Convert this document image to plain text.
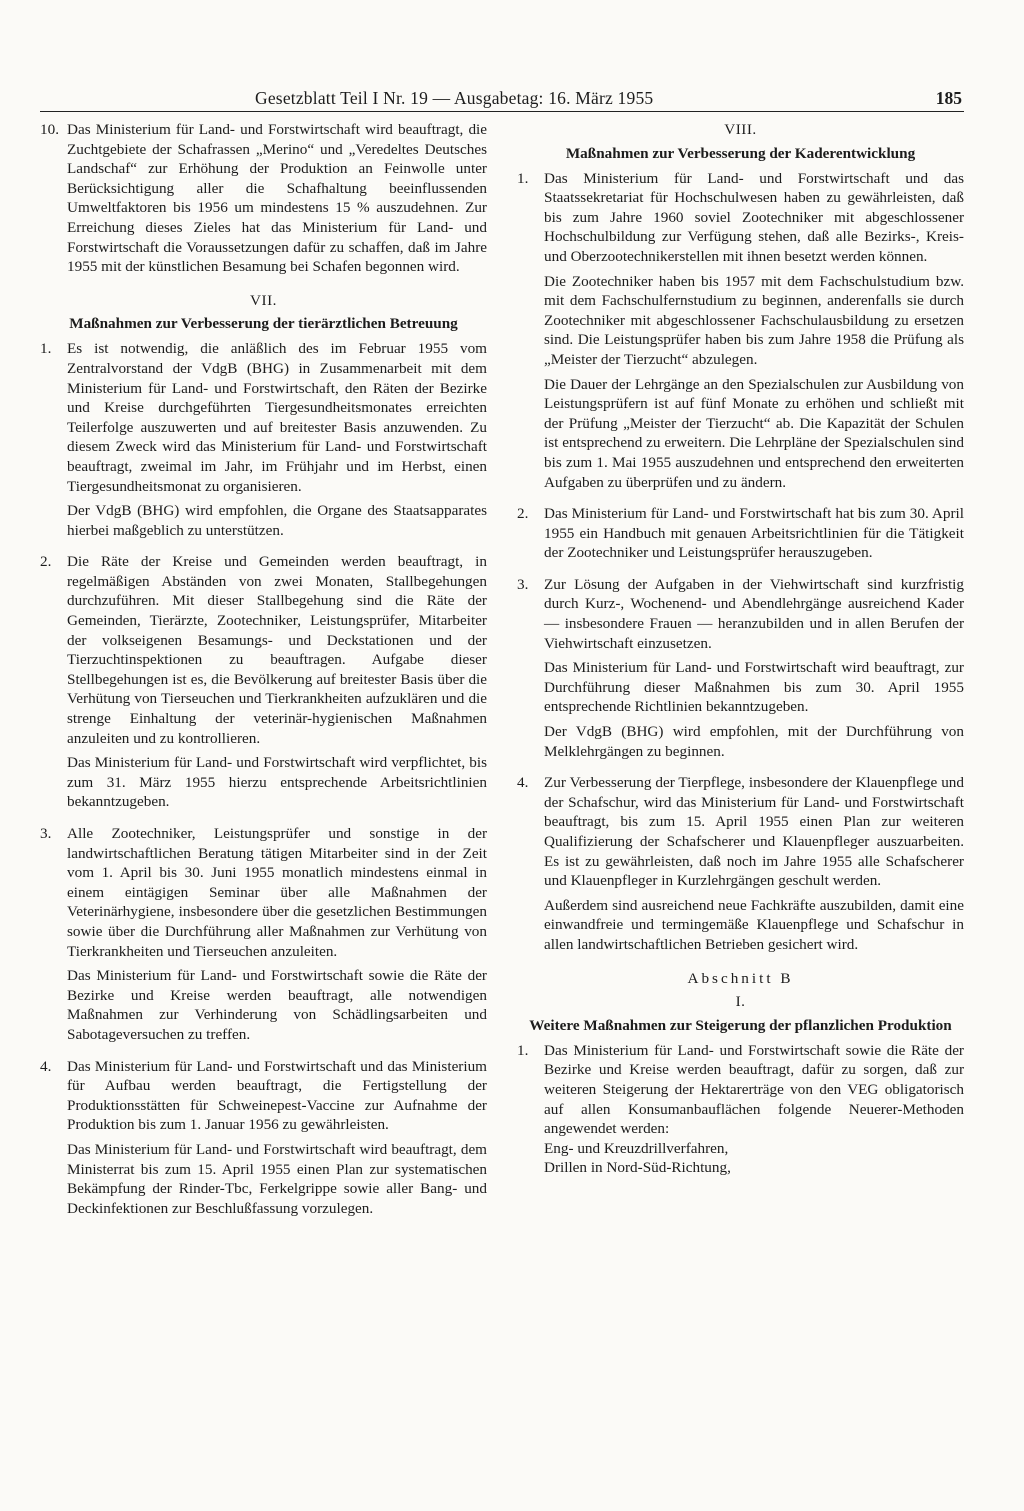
Gesetzblatt Teil I Nr. 19 — Ausgabetag: 16. März 1955	185
10. Das Ministerium für Land- und Forstwirtschaft wird beauftragt, die Zuchtgebiete der Schafrassen „Merino“ und „Veredeltes Deutsches Landschaf“ zur Erhöhung der Produktion an Feinwolle unter Berücksichtigung aller die Schafhaltung beeinflussenden Umweltfaktoren bis 1956 um mindestens 15 % auszudehnen. Zur Erreichung dieses Zieles hat das Ministerium für Land- und Forstwirtschaft die Voraussetzungen dafür zu schaffen, daß im Jahre 1955 mit der künstlichen Besamung bei Schafen begonnen wird.

VII.
Maßnahmen zur Verbesserung der tierärztlichen Betreuung
1. Es ist notwendig, die anläßlich des im Februar 1955 vom Zentralvorstand der VdgB (BHG) in Zusammenarbeit mit dem Ministerium für Land- und Forstwirtschaft, den Räten der Bezirke und Kreise durchgeführten Tiergesundheitsmonates erreichten Teilerfolge auszuwerten und auf breitester Basis anzuwenden. Zu diesem Zweck wird das Ministerium für Land- und Forstwirtschaft beauftragt, zweimal im Jahr, im Frühjahr und im Herbst, einen Tiergesundheitsmonat zu organisieren.

Der VdgB (BHG) wird empfohlen, die Organe des Staatsapparates hierbei maßgeblich zu unterstützen.

2. Die Räte der Kreise und Gemeinden werden beauftragt, in regelmäßigen Abständen von zwei Monaten, Stallbegehungen durchzuführen. Mit dieser Stallbegehung sind die Räte der Gemeinden, Tierärzte, Zootechniker, Leistungsprüfer, Mitarbeiter der volkseigenen Besamungs- und Deckstationen und der Tierzuchtinspektionen zu beauftragen. Aufgabe dieser Stellbegehungen ist es, die Bevölkerung auf breitester Basis über die Verhütung von Tierseuchen und Tierkrankheiten aufzuklären und die strenge Einhaltung der veterinär-hygienischen Maßnahmen anzuleiten und zu kontrollieren.

Das Ministerium für Land- und Forstwirtschaft wird verpflichtet, bis zum 31. März 1955 hierzu entsprechende Arbeitsrichtlinien bekanntzugeben.

3. Alle Zootechniker, Leistungsprüfer und sonstige in der landwirtschaftlichen Beratung tätigen Mitarbeiter sind in der Zeit vom 1. April bis 30. Juni 1955 monatlich mindestens einmal in einem eintägigen Seminar über alle Maßnahmen der Veterinärhygiene, insbesondere über die gesetzlichen Bestimmungen sowie über die Durchführung aller Maßnahmen zur Verhütung von Tierkrankheiten und Tierseuchen anzuleiten.

Das Ministerium für Land- und Forstwirtschaft sowie die Räte der Bezirke und Kreise werden beauftragt, alle notwendigen Maßnahmen zur Verhinderung von Schädlingsarbeiten und Sabotageversuchen zu treffen.

4. Das Ministerium für Land- und Forstwirtschaft und das Ministerium für Aufbau werden beauftragt, die Fertigstellung der Produktionsstätten für Schweinepest-Vaccine zur Aufnahme der Produktion bis zum 1. Januar 1956 zu gewährleisten.

Das Ministerium für Land- und Forstwirtschaft wird beauftragt, dem Ministerrat bis zum 15. April 1955 einen Plan zur systematischen Bekämpfung der Rinder-Tbc, Ferkelgrippe sowie aller Bang- und Deckinfektionen zur Beschlußfassung vorzulegen.

VIII.
Maßnahmen zur Verbesserung der Kaderentwicklung
1. Das Ministerium für Land- und Forstwirtschaft und das Staatssekretariat für Hochschulwesen haben zu gewährleisten, daß bis zum Jahre 1960 soviel Zootechniker mit abgeschlossener Hochschulbildung zur Verfügung stehen, daß alle Bezirks-, Kreis- und Oberzootechnikerstellen mit ihnen besetzt werden können.

Die Zootechniker haben bis 1957 mit dem Fachschulstudium bzw. mit dem Fachschulfernstudium zu beginnen, anderenfalls sie durch Zootechniker mit abgeschlossener Fachschulausbildung zu ersetzen sind. Die Leistungsprüfer haben bis zum Jahre 1958 die Prüfung als „Meister der Tierzucht“ abzulegen.

Die Dauer der Lehrgänge an den Spezialschulen zur Ausbildung von Leistungsprüfern ist auf fünf Monate zu erhöhen und schließt mit der Prüfung „Meister der Tierzucht“ ab. Die Kapazität der Schulen ist entsprechend zu erweitern. Die Lehrpläne der Spezialschulen sind bis zum 1. Mai 1955 auszudehnen und entsprechend den erweiterten Aufgaben zu überprüfen und zu ändern.

2. Das Ministerium für Land- und Forstwirtschaft hat bis zum 30. April 1955 ein Handbuch mit genauen Arbeitsrichtlinien für die Tätigkeit der Zootechniker und Leistungsprüfer herauszugeben.

3. Zur Lösung der Aufgaben in der Viehwirtschaft sind kurzfristig durch Kurz-, Wochenend- und Abendlehrgänge ausreichend Kader — insbesondere Frauen — heranzubilden und in allen Berufen der Viehwirtschaft einzusetzen.

Das Ministerium für Land- und Forstwirtschaft wird beauftragt, zur Durchführung dieser Maßnahmen bis zum 30. April 1955 entsprechende Richtlinien bekanntzugeben.

Der VdgB (BHG) wird empfohlen, mit der Durchführung von Melklehrgängen zu beginnen.

4. Zur Verbesserung der Tierpflege, insbesondere der Klauenpflege und der Schafschur, wird das Ministerium für Land- und Forstwirtschaft beauftragt, bis zum 15. April 1955 einen Plan zur weiteren Qualifizierung der Schafscherer und Klauenpfleger auszuarbeiten. Es ist zu gewährleisten, daß noch im Jahre 1955 alle Schafscherer und Klauenpfleger in Kurzlehrgängen geschult werden.

Außerdem sind ausreichend neue Fachkräfte auszubilden, damit eine einwandfreie und termingemäße Klauenpflege und Schafschur in allen landwirtschaftlichen Betrieben gesichert wird.

Abschnitt B
I.
Weitere Maßnahmen zur Steigerung der pflanzlichen Produktion
1. Das Ministerium für Land- und Forstwirtschaft sowie die Räte der Bezirke und Kreise werden beauftragt, dafür zu sorgen, daß zur weiteren Steigerung der Hektarerträge von den VEG obligatorisch auf allen Konsumanbauflächen folgende Neuerer-Methoden angewendet werden:

Eng- und Kreuzdrillverfahren,

Drillen in Nord-Süd-Richtung,
